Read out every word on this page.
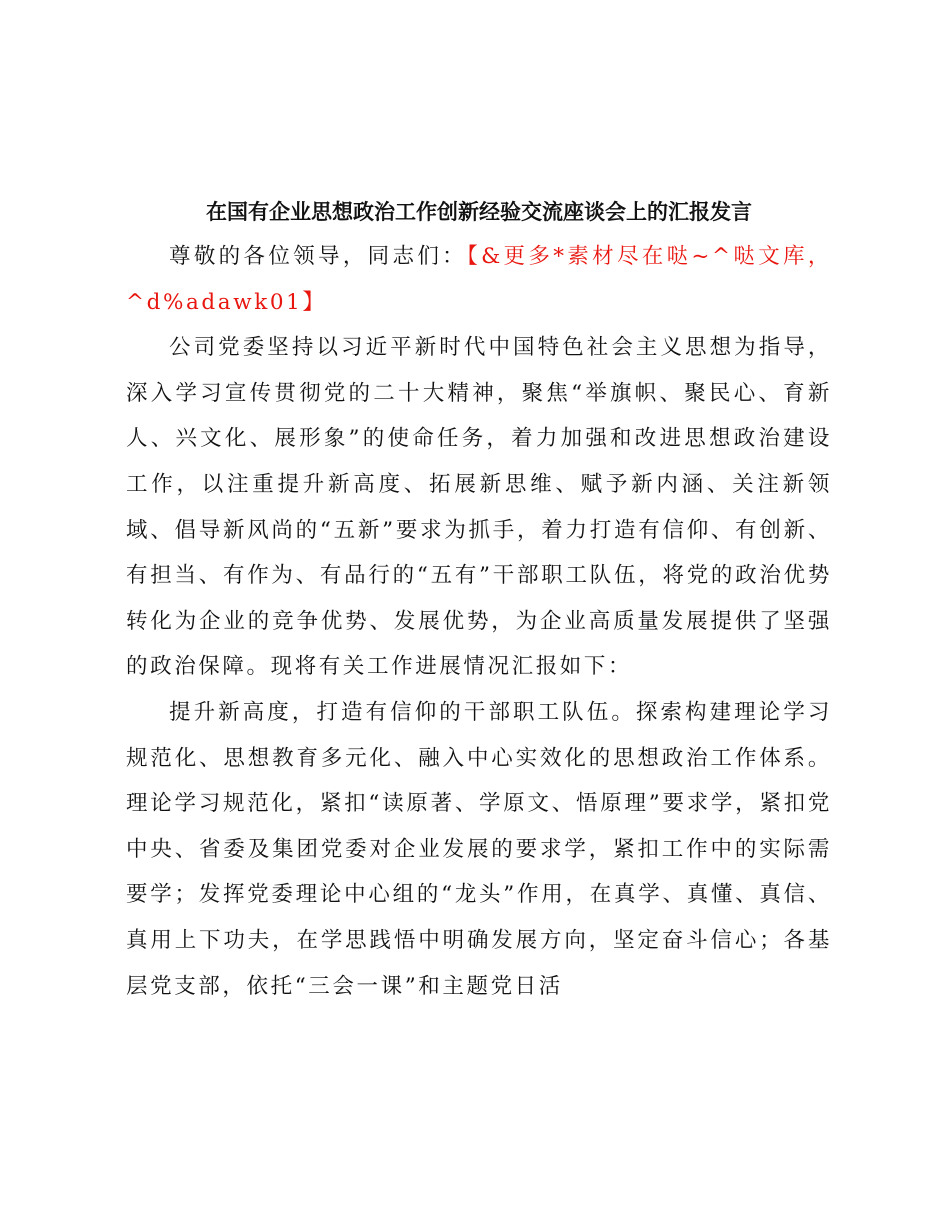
在国有企业思想政治工作创新经验交流座谈会上的汇报发言

尊敬的各位领导，同志们：【&更多*素材尽在哒~^哒文库，^d%adawk01】

公司党委坚持以习近平新时代中国特色社会主义思想为指导，深入学习宣传贯彻党的二十大精神，聚焦“举旗帜、聚民心、育新人、兴文化、展形象”的使命任务，着力加强和改进思想政治建设工作，以注重提升新高度、拓展新思维、赋予新内涵、关注新领域、倡导新风尚的“五新”要求为抓手，着力打造有信仰、有创新、有担当、有作为、有品行的“五有”干部职工队伍，将党的政治优势转化为企业的竞争优势、发展优势，为企业高质量发展提供了坚强的政治保障。现将有关工作进展情况汇报如下：

提升新高度，打造有信仰的干部职工队伍。探索构建理论学习规范化、思想教育多元化、融入中心实效化的思想政治工作体系。理论学习规范化，紧扣“读原著、学原文、悟原理”要求学，紧扣党中央、省委及集团党委对企业发展的要求学，紧扣工作中的实际需要学；发挥党委理论中心组的“龙头”作用，在真学、真懂、真信、真用上下功夫，在学思践悟中明确发展方向，坚定奋斗信心；各基层党支部，依托“三会一课”和主题党日活
